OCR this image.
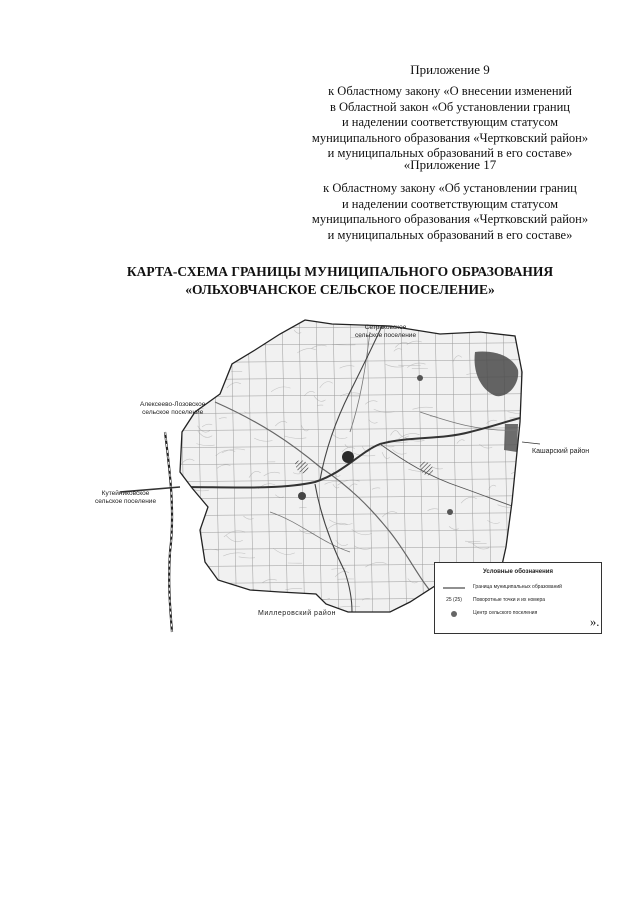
Приложение 9
к Областному закону «О внесении изменений
в Областной закон «Об установлении границ
и наделении соответствующим статусом
муниципального образования «Чертковский район»
и муниципальных образований в его составе»
«Приложение 17
к Областному закону «Об установлении границ
и наделении соответствующим статусом
муниципального образования «Чертковский район»
и муниципальных образований в его составе»
КАРТА-СХЕМА ГРАНИЦЫ МУНИЦИПАЛЬНОГО ОБРАЗОВАНИЯ
«ОЛЬХОВЧАНСКОЕ СЕЛЬСКОЕ ПОСЕЛЕНИЕ»
Сетраковское
сельское поселение
Алексеево-Лозовское
сельское поселение
Кутейниковское
сельское поселение
Кашарский район
Миллеровский район
Условные обозначения
Граница муниципальных образований
25 (25)	Поворотные точки и их номера
Центр сельского поселения
».
